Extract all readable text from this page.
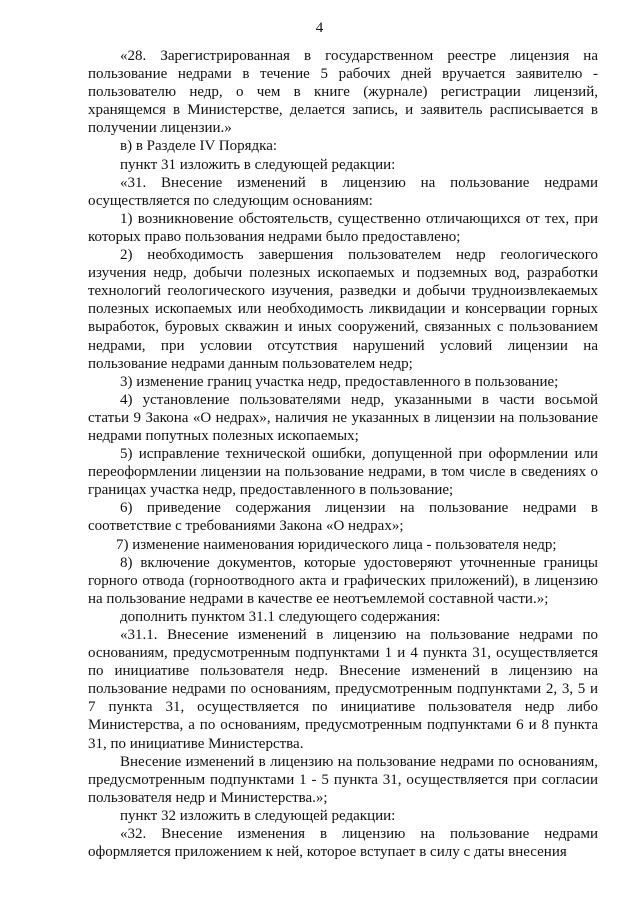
4

«28. Зарегистрированная в государственном реестре лицензия на пользование недрами в течение 5 рабочих дней вручается заявителю - пользователю недр, о чем в книге (журнале) регистрации лицензий, хранящемся в Министерстве, делается запись, и заявитель расписывается в получении лицензии.»

в) в Разделе IV Порядка:

пункт 31 изложить в следующей редакции:

«31. Внесение изменений в лицензию на пользование недрами осуществляется по следующим основаниям:

1) возникновение обстоятельств, существенно отличающихся от тех, при которых право пользования недрами было предоставлено;

2) необходимость завершения пользователем недр геологического изучения недр, добычи полезных ископаемых и подземных вод, разработки технологий геологического изучения, разведки и добычи трудноизвлекаемых полезных ископаемых или необходимость ликвидации и консервации горных выработок, буровых скважин и иных сооружений, связанных с пользованием недрами, при условии отсутствия нарушений условий лицензии на пользование недрами данным пользователем недр;

3) изменение границ участка недр, предоставленного в пользование;

4) установление пользователями недр, указанными в части восьмой статьи 9 Закона «О недрах», наличия не указанных в лицензии на пользование недрами попутных полезных ископаемых;

5) исправление технической ошибки, допущенной при оформлении или переоформлении лицензии на пользование недрами, в том числе в сведениях о границах участка недр, предоставленного в пользование;

6) приведение содержания лицензии на пользование недрами в соответствие с требованиями Закона «О недрах»;

7) изменение наименования юридического лица - пользователя недр;

8) включение документов, которые удостоверяют уточненные границы горного отвода (горноотводного акта и графических приложений), в лицензию на пользование недрами в качестве ее неотъемлемой составной части.»;

дополнить пунктом 31.1 следующего содержания:

«31.1. Внесение изменений в лицензию на пользование недрами по основаниям, предусмотренным подпунктами 1 и 4 пункта 31, осуществляется по инициативе пользователя недр. Внесение изменений в лицензию на пользование недрами по основаниям, предусмотренным подпунктами 2, 3, 5 и 7 пункта 31, осуществляется по инициативе пользователя недр либо Министерства, а по основаниям, предусмотренным подпунктами 6 и 8 пункта 31, по инициативе Министерства.

Внесение изменений в лицензию на пользование недрами по основаниям, предусмотренным подпунктами 1 - 5 пункта 31, осуществляется при согласии пользователя недр и Министерства.»;

пункт 32 изложить в следующей редакции:

«32. Внесение изменения в лицензию на пользование недрами оформляется приложением к ней, которое вступает в силу с даты внесения
